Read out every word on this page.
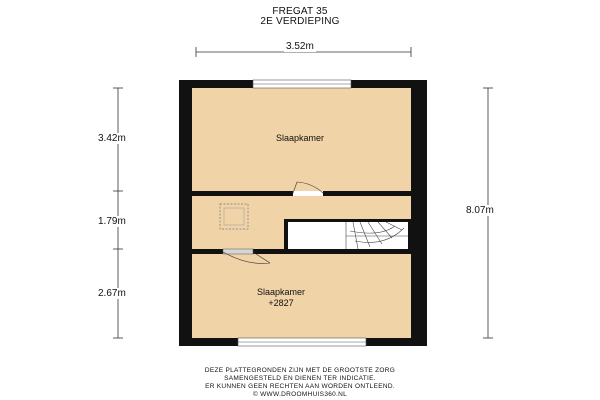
FREGAT 35
2E VERDIEPING
Slaapkamer
Slaapkamer
+2827
3.52m
3.42m
1.79m
2.67m
8.07m
DEZE PLATTEGRONDEN ZIJN MET DE GROOTSTE ZORG
SAMENGESTELD EN DIENEN TER INDICATIE.
ER KUNNEN GEEN RECHTEN AAN WORDEN ONTLEEND.
© WWW.DROOMHUIS360.NL
